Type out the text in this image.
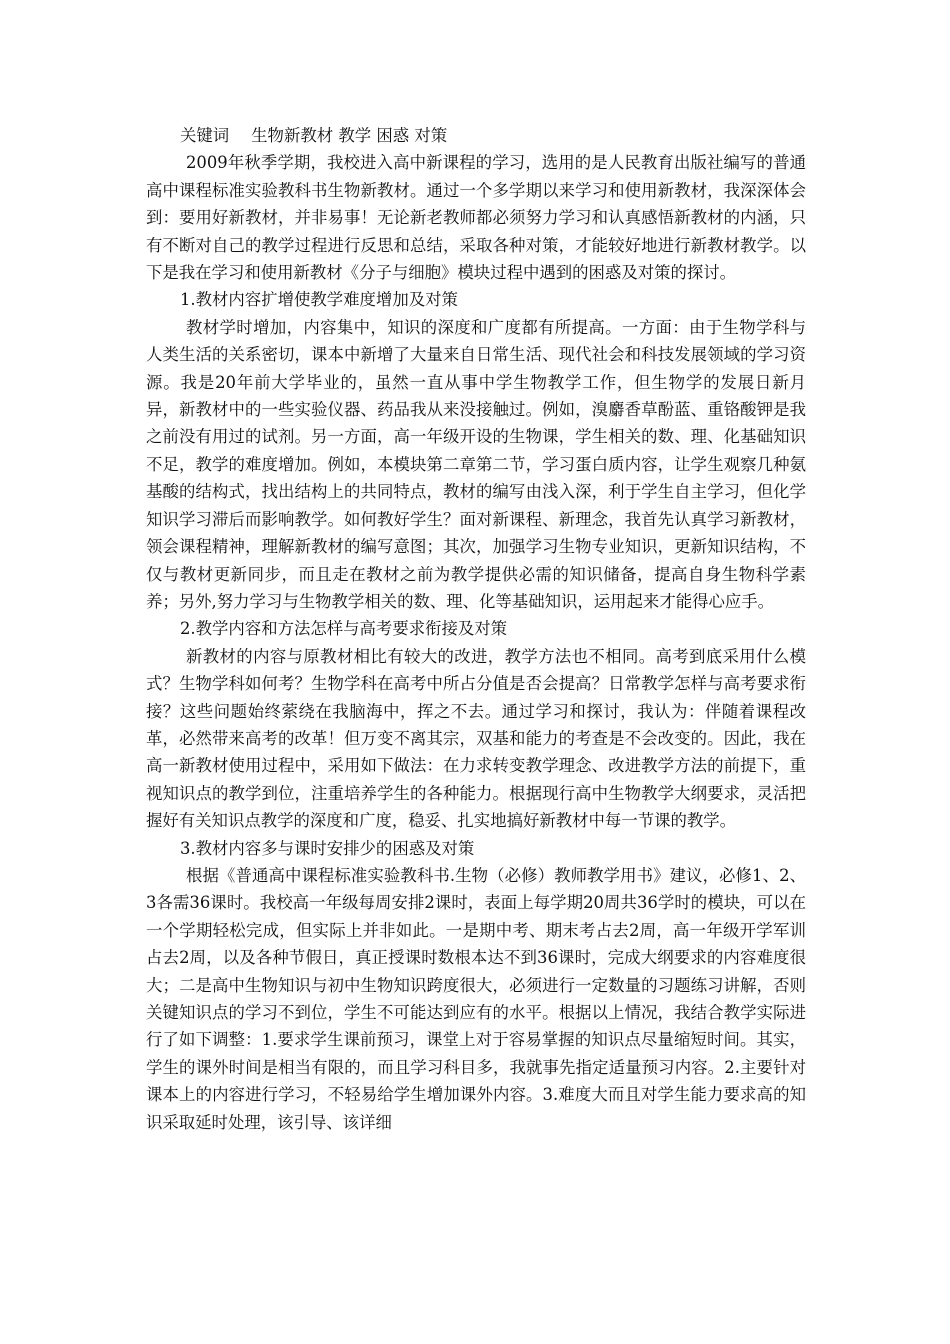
关键词 生物新教材 教学 困惑 对策

2009年秋季学期，我校进入高中新课程的学习，选用的是人民教育出版社编写的普通高中课程标准实验教科书生物新教材。通过一个多学期以来学习和使用新教材，我深深体会到：要用好新教材，并非易事！无论新老教师都必须努力学习和认真感悟新教材的内涵，只有不断对自己的教学过程进行反思和总结，采取各种对策，才能较好地进行新教材教学。以下是我在学习和使用新教材《分子与细胞》模块过程中遇到的困惑及对策的探讨。

1.教材内容扩增使教学难度增加及对策

教材学时增加，内容集中，知识的深度和广度都有所提高。一方面：由于生物学科与人类生活的关系密切，课本中新增了大量来自日常生活、现代社会和科技发展领域的学习资源。我是20年前大学毕业的，虽然一直从事中学生物教学工作，但生物学的发展日新月异，新教材中的一些实验仪器、药品我从来没接触过。例如，溴麝香草酚蓝、重铬酸钾是我之前没有用过的试剂。另一方面，高一年级开设的生物课，学生相关的数、理、化基础知识不足，教学的难度增加。例如，本模块第二章第二节，学习蛋白质内容，让学生观察几种氨基酸的结构式，找出结构上的共同特点，教材的编写由浅入深，利于学生自主学习，但化学知识学习滞后而影响教学。如何教好学生？面对新课程、新理念，我首先认真学习新教材，领会课程精神，理解新教材的编写意图；其次，加强学习生物专业知识，更新知识结构，不仅与教材更新同步，而且走在教材之前为教学提供必需的知识储备，提高自身生物科学素养；另外,努力学习与生物教学相关的数、理、化等基础知识，运用起来才能得心应手。

2.教学内容和方法怎样与高考要求衔接及对策

新教材的内容与原教材相比有较大的改进，教学方法也不相同。高考到底采用什么模式？生物学科如何考？生物学科在高考中所占分值是否会提高？日常教学怎样与高考要求衔接？这些问题始终萦绕在我脑海中，挥之不去。通过学习和探讨，我认为：伴随着课程改革，必然带来高考的改革！但万变不离其宗，双基和能力的考查是不会改变的。因此，我在高一新教材使用过程中，采用如下做法：在力求转变教学理念、改进教学方法的前提下，重视知识点的教学到位，注重培养学生的各种能力。根据现行高中生物教学大纲要求，灵活把握好有关知识点教学的深度和广度，稳妥、扎实地搞好新教材中每一节课的教学。

3.教材内容多与课时安排少的困惑及对策

根据《普通高中课程标准实验教科书.生物（必修）教师教学用书》建议，必修1、2、3各需36课时。我校高一年级每周安排2课时，表面上每学期20周共36学时的模块，可以在一个学期轻松完成，但实际上并非如此。一是期中考、期末考占去2周，高一年级开学军训占去2周，以及各种节假日，真正授课时数根本达不到36课时，完成大纲要求的内容难度很大；二是高中生物知识与初中生物知识跨度很大，必须进行一定数量的习题练习讲解，否则关键知识点的学习不到位，学生不可能达到应有的水平。根据以上情况，我结合教学实际进行了如下调整：1.要求学生课前预习，课堂上对于容易掌握的知识点尽量缩短时间。其实，学生的课外时间是相当有限的，而且学习科目多，我就事先指定适量预习内容。2.主要针对课本上的内容进行学习，不轻易给学生增加课外内容。3.难度大而且对学生能力要求高的知识采取延时处理，该引导、该详细
